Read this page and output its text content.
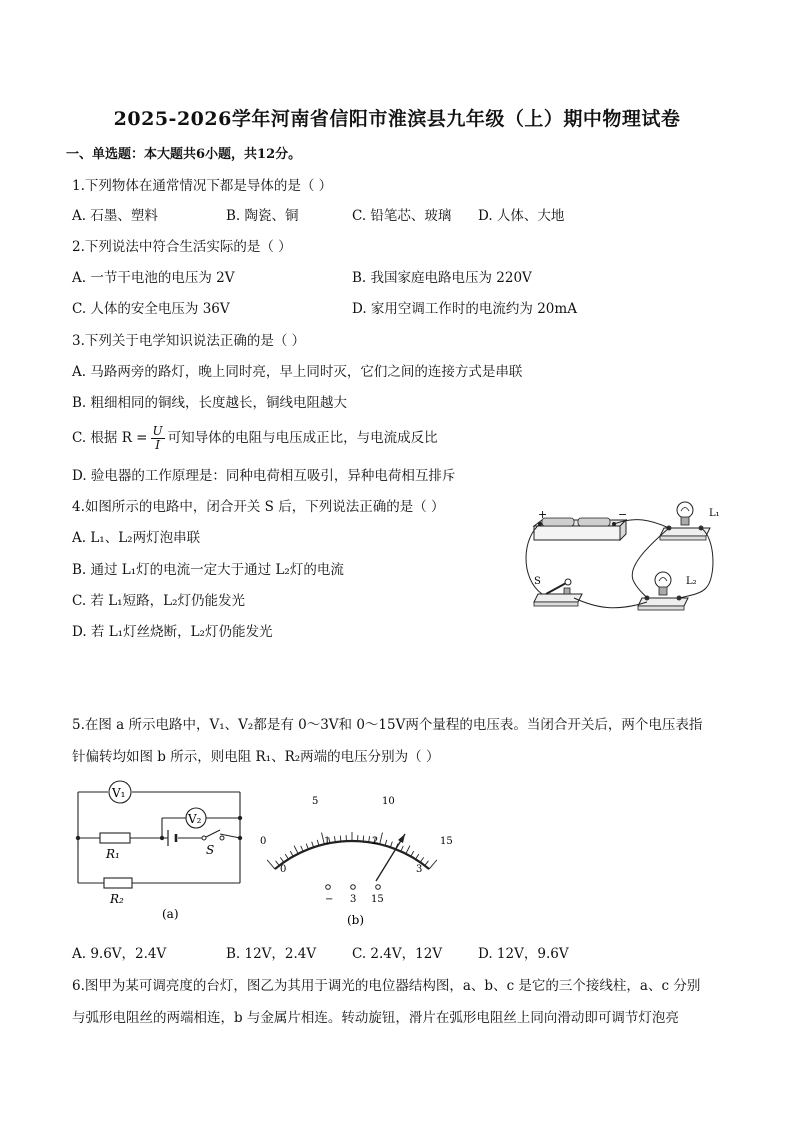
2025-2026学年河南省信阳市淮滨县九年级（上）期中物理试卷
一、单选题：本大题共6小题，共12分。
1.下列物体在通常情况下都是导体的是（ ）
A. 石墨、塑料	B. 陶瓷、铜	C. 铅笔芯、玻璃 D. 人体、大地
2.下列说法中符合生活实际的是（ ）
A. 一节干电池的电压为 2V	B. 我国家庭电路电压为 220V
C. 人体的安全电压为 36V	D. 家用空调工作时的电流约为 20mA
3.下列关于电学知识说法正确的是（ ）
A. 马路两旁的路灯，晚上同时亮，早上同时灭，它们之间的连接方式是串联
B. 粗细相同的铜线，长度越长，铜线电阻越大
C. 根据 $R = \frac{U}{I}$ 可知导体的电阻与电压成正比，与电流成反比
D. 验电器的工作原理是：同种电荷相互吸引，异种电荷相互排斥
4.如图所示的电路中，闭合开关 S 后，下列说法正确的是（ ）
A. L₁、L₂两灯泡串联
B. 通过 L₁灯的电流一定大于通过 L₂灯的电流
C. 若 L₁短路，L₂灯仍能发光
D. 若 L₁灯丝烧断，L₂灯仍能发光
+	−	L₁
L₂
S
5.在图 a 所示电路中，V₁、V₂都是有 0～3V和 0～15V两个量程的电压表。当闭合开关后，两个电压表指
针偏转均如图 b 所示，则电阻 R₁、R₂两端的电压分别为（ ）
V₁
V₂
R₁	S
R₂
(a)
0
5	10
15
0
1	2
3
− 3 15
(b)
A. 9.6V，2.4V	B. 12V，2.4V	C. 2.4V，12V	D. 12V，9.6V
6.图甲为某可调亮度的台灯，图乙为其用于调光的电位器结构图，a、b、c 是它的三个接线柱，a、c 分别
与弧形电阻丝的两端相连，b 与金属片相连。转动旋钮，滑片在弧形电阻丝上同向滑动即可调节灯泡亮
